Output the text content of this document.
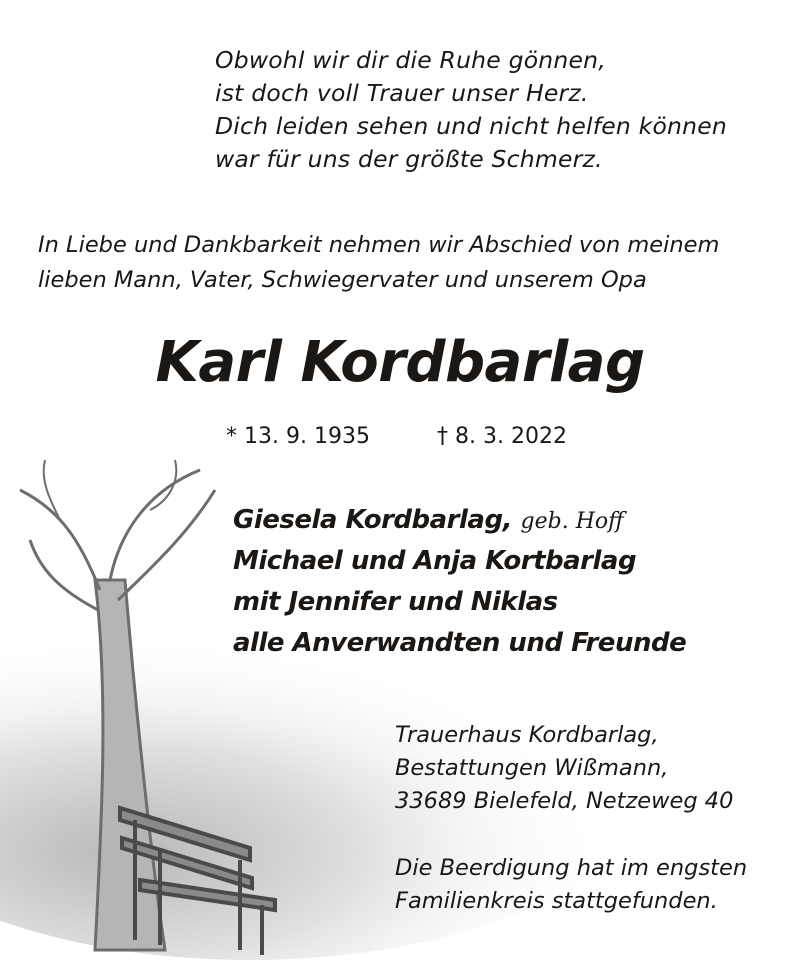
Obwohl wir dir die Ruhe gönnen,
ist doch voll Trauer unser Herz.
Dich leiden sehen und nicht helfen können
war für uns der größte Schmerz.
In Liebe und Dankbarkeit nehmen wir Abschied von meinem
lieben Mann, Vater, Schwiegervater und unserem Opa
Karl Kordbarlag
* 13. 9. 1935	† 8. 3. 2022
Giesela Kordbarlag, geb. Hoff
Michael und Anja Kortbarlag
mit Jennifer und Niklas
alle Anverwandten und Freunde
Trauerhaus Kordbarlag,
Bestattungen Wißmann,
33689 Bielefeld, Netzeweg 40
Die Beerdigung hat im engsten
Familienkreis stattgefunden.
